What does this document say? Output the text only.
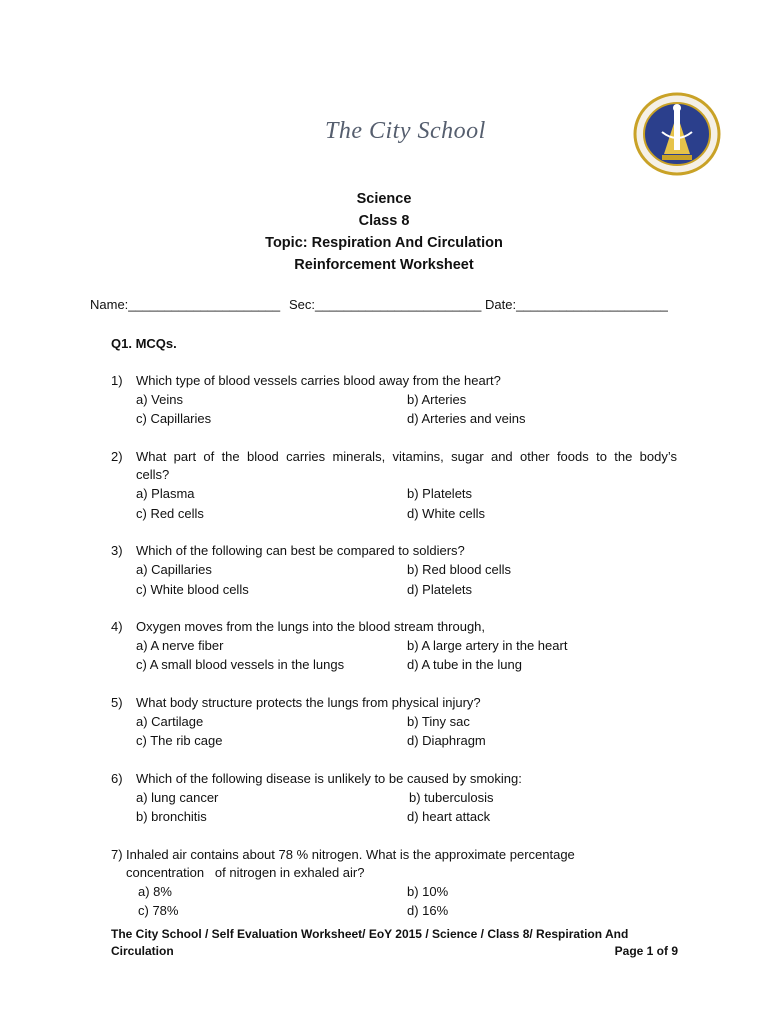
The City School
Science
Class 8
Topic: Respiration And Circulation
Reinforcement Worksheet
Name:_____________________ Sec:_______________________ Date:_____________________
Q1. MCQs.
1) Which type of blood vessels carries blood away from the heart?
a) Veins	b) Arteries
c) Capillaries	d) Arteries and veins
2) What part of the blood carries minerals, vitamins, sugar and other foods to the body’s
cells?
a) Plasma	b) Platelets
c) Red cells	d) White cells
3) Which of the following can best be compared to soldiers?
a) Capillaries	b) Red blood cells
c) White blood cells	d) Platelets
4) Oxygen moves from the lungs into the blood stream through,
a) A nerve fiber	b) A large artery in the heart
c) A small blood vessels in the lungs	d) A tube in the lung
5) What body structure protects the lungs from physical injury?
a) Cartilage	b) Tiny sac
c) The rib cage	d) Diaphragm
6) Which of the following disease is unlikely to be caused by smoking:
a) lung cancer	b) tuberculosis
b) bronchitis	d) heart attack
7) Inhaled air contains about 78 % nitrogen. What is the approximate percentage
concentration   of nitrogen in exhaled air?
a) 8%	b) 10%
c) 78%	d) 16%
The City School / Self Evaluation Worksheet/ EoY 2015 / Science / Class 8/ Respiration And
Circulation	Page 1 of 9
